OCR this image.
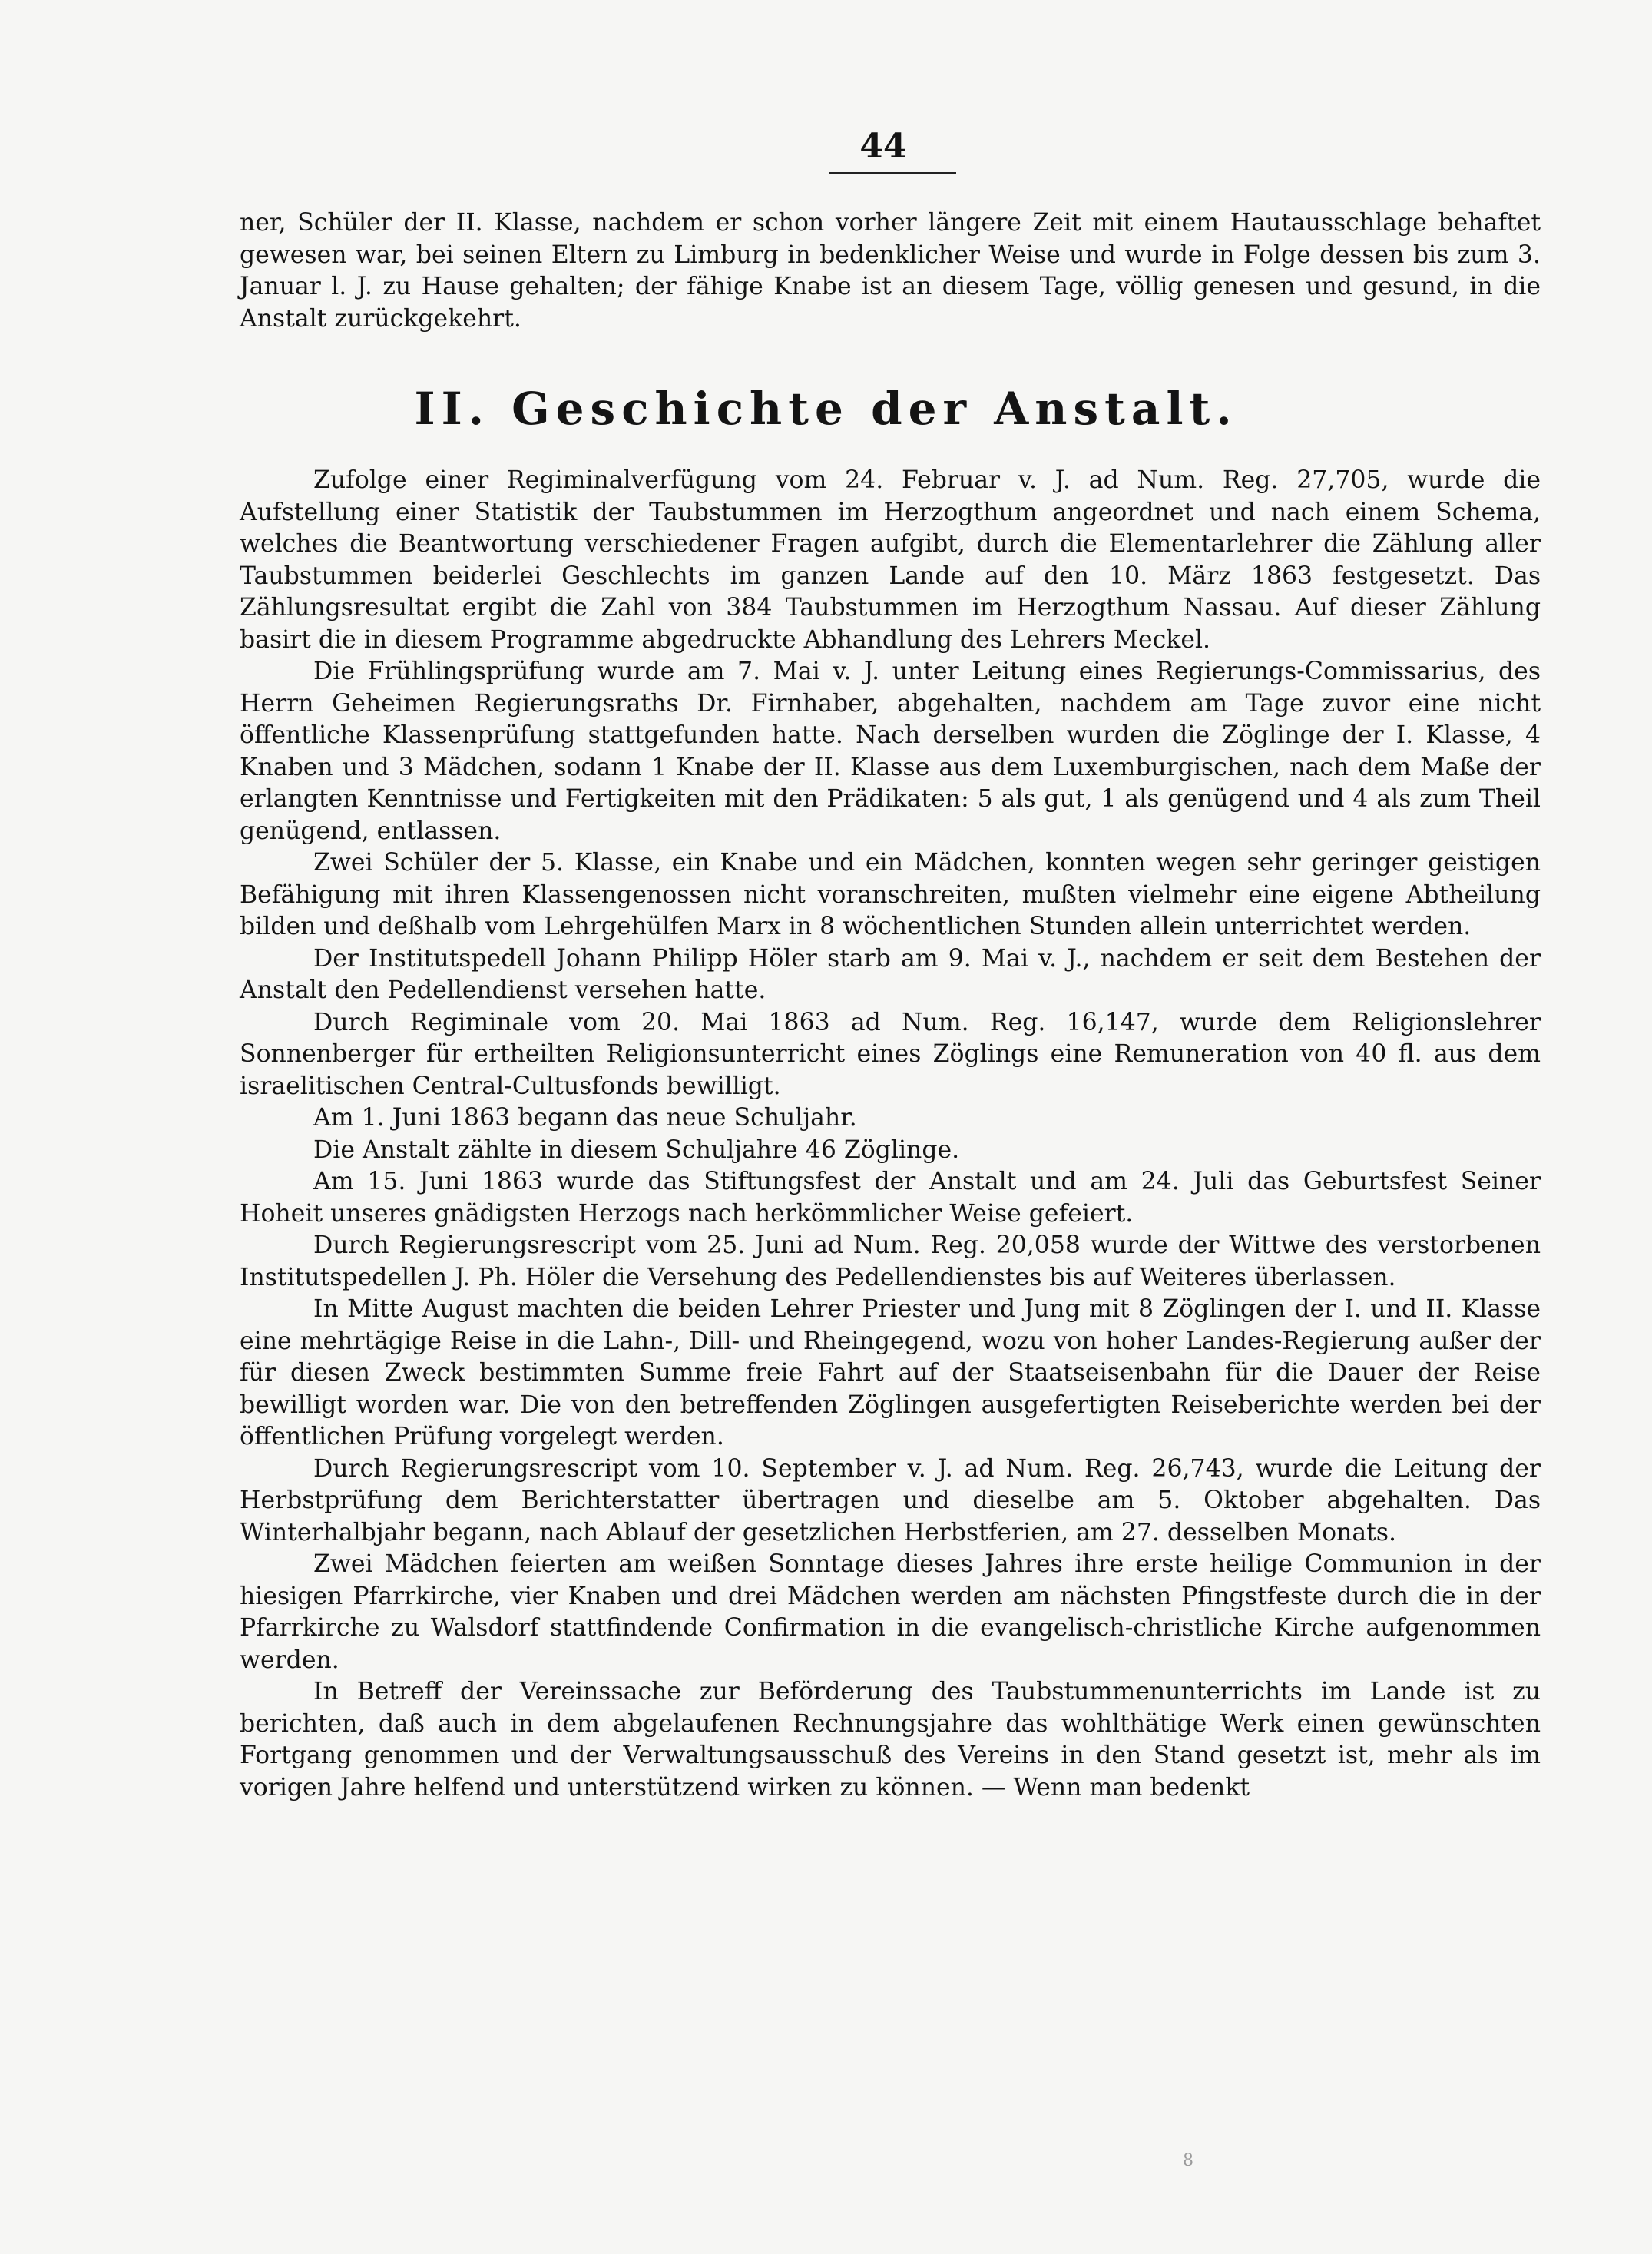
44

ner, Schüler der II. Klasse, nachdem er schon vorher längere Zeit mit einem Hautausschlage behaftet gewesen war, bei seinen Eltern zu Limburg in bedenklicher Weise und wurde in Folge dessen bis zum 3. Januar l. J. zu Hause gehalten; der fähige Knabe ist an diesem Tage, völlig genesen und gesund, in die Anstalt zurückgekehrt.

II. Geschichte der Anstalt.

Zufolge einer Regiminalverfügung vom 24. Februar v. J. ad Num. Reg. 27,705, wurde die Aufstellung einer Statistik der Taubstummen im Herzogthum angeordnet und nach einem Schema, welches die Beantwortung verschiedener Fragen aufgibt, durch die Elementarlehrer die Zählung aller Taubstummen beiderlei Geschlechts im ganzen Lande auf den 10. März 1863 festgesetzt. Das Zählungsresultat ergibt die Zahl von 384 Taubstummen im Herzogthum Nassau. Auf dieser Zählung basirt die in diesem Programme abgedruckte Abhandlung des Lehrers Meckel.

Die Frühlingsprüfung wurde am 7. Mai v. J. unter Leitung eines Regierungs-Commissarius, des Herrn Geheimen Regierungsraths Dr. Firnhaber, abgehalten, nachdem am Tage zuvor eine nicht öffentliche Klassenprüfung stattgefunden hatte. Nach derselben wurden die Zöglinge der I. Klasse, 4 Knaben und 3 Mädchen, sodann 1 Knabe der II. Klasse aus dem Luxemburgischen, nach dem Maße der erlangten Kenntnisse und Fertigkeiten mit den Prädikaten: 5 als gut, 1 als genügend und 4 als zum Theil genügend, entlassen.

Zwei Schüler der 5. Klasse, ein Knabe und ein Mädchen, konnten wegen sehr geringer geistigen Befähigung mit ihren Klassengenossen nicht voranschreiten, mußten vielmehr eine eigene Abtheilung bilden und deßhalb vom Lehrgehülfen Marx in 8 wöchentlichen Stunden allein unterrichtet werden.

Der Institutspedell Johann Philipp Höler starb am 9. Mai v. J., nachdem er seit dem Bestehen der Anstalt den Pedellendienst versehen hatte.

Durch Regiminale vom 20. Mai 1863 ad Num. Reg. 16,147, wurde dem Religionslehrer Sonnenberger für ertheilten Religionsunterricht eines Zöglings eine Remuneration von 40 fl. aus dem israelitischen Central-Cultusfonds bewilligt.

Am 1. Juni 1863 begann das neue Schuljahr.

Die Anstalt zählte in diesem Schuljahre 46 Zöglinge.

Am 15. Juni 1863 wurde das Stiftungsfest der Anstalt und am 24. Juli das Geburtsfest Seiner Hoheit unseres gnädigsten Herzogs nach herkömmlicher Weise gefeiert.

Durch Regierungsrescript vom 25. Juni ad Num. Reg. 20,058 wurde der Wittwe des verstorbenen Institutspedellen J. Ph. Höler die Versehung des Pedellendienstes bis auf Weiteres überlassen.

In Mitte August machten die beiden Lehrer Priester und Jung mit 8 Zöglingen der I. und II. Klasse eine mehrtägige Reise in die Lahn-, Dill- und Rheingegend, wozu von hoher Landes-Regierung außer der für diesen Zweck bestimmten Summe freie Fahrt auf der Staatseisenbahn für die Dauer der Reise bewilligt worden war. Die von den betreffenden Zöglingen ausgefertigten Reiseberichte werden bei der öffentlichen Prüfung vorgelegt werden.

Durch Regierungsrescript vom 10. September v. J. ad Num. Reg. 26,743, wurde die Leitung der Herbstprüfung dem Berichterstatter übertragen und dieselbe am 5. Oktober abgehalten. Das Winterhalbjahr begann, nach Ablauf der gesetzlichen Herbstferien, am 27. desselben Monats.

Zwei Mädchen feierten am weißen Sonntage dieses Jahres ihre erste heilige Communion in der hiesigen Pfarrkirche, vier Knaben und drei Mädchen werden am nächsten Pfingstfeste durch die in der Pfarrkirche zu Walsdorf stattfindende Confirmation in die evangelisch-christliche Kirche aufgenommen werden.

In Betreff der Vereinssache zur Beförderung des Taubstummenunterrichts im Lande ist zu berichten, daß auch in dem abgelaufenen Rechnungsjahre das wohlthätige Werk einen gewünschten Fortgang genommen und der Verwaltungsausschuß des Vereins in den Stand gesetzt ist, mehr als im vorigen Jahre helfend und unterstützend wirken zu können. — Wenn man bedenkt

8
